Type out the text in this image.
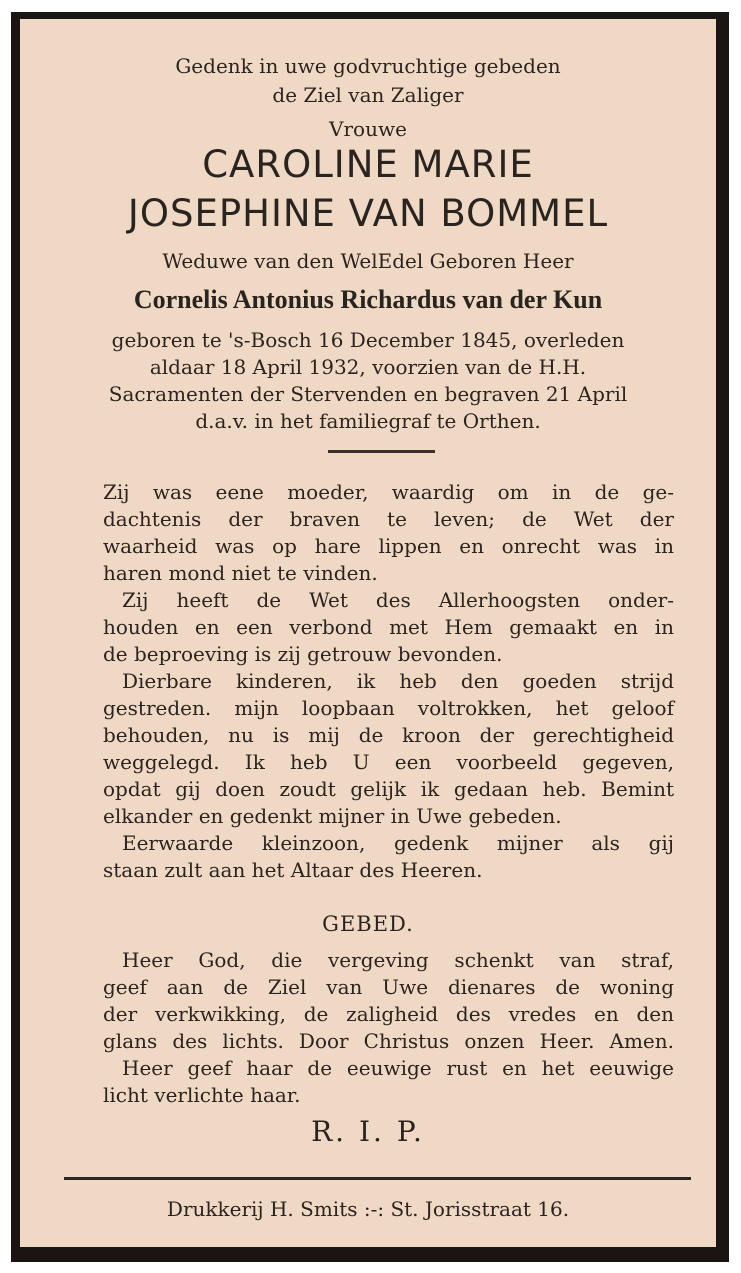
Gedenk in uwe godvruchtige gebeden
de Ziel van Zaliger
Vrouwe
CAROLINE MARIE
JOSEPHINE VAN BOMMEL
Weduwe van den WelEdel Geboren Heer
Cornelis Antonius Richardus van der Kun
geboren te 's-Bosch 16 December 1845, overleden
aldaar 18 April 1932, voorzien van de H.H.
Sacramenten der Stervenden en begraven 21 April
d.a.v. in het familiegraf te Orthen.
Zij was eene moeder, waardig om in de ge-
dachtenis der braven te leven; de Wet der
waarheid was op hare lippen en onrecht was in
haren mond niet te vinden.
Zij heeft de Wet des Allerhoogsten onder-
houden en een verbond met Hem gemaakt en in
de beproeving is zij getrouw bevonden.
Dierbare kinderen, ik heb den goeden strijd
gestreden. mijn loopbaan voltrokken, het geloof
behouden, nu is mij de kroon der gerechtigheid
weggelegd. Ik heb U een voorbeeld gegeven,
opdat gij doen zoudt gelijk ik gedaan heb. Bemint
elkander en gedenkt mijner in Uwe gebeden.
Eerwaarde kleinzoon, gedenk mijner als gij
staan zult aan het Altaar des Heeren.
GEBED.
Heer God, die vergeving schenkt van straf,
geef aan de Ziel van Uwe dienares de woning
der verkwikking, de zaligheid des vredes en den
glans des lichts. Door Christus onzen Heer. Amen.
Heer geef haar de eeuwige rust en het eeuwige
licht verlichte haar.
R. I. P.
Drukkerij H. Smits :-: St. Jorisstraat 16.
